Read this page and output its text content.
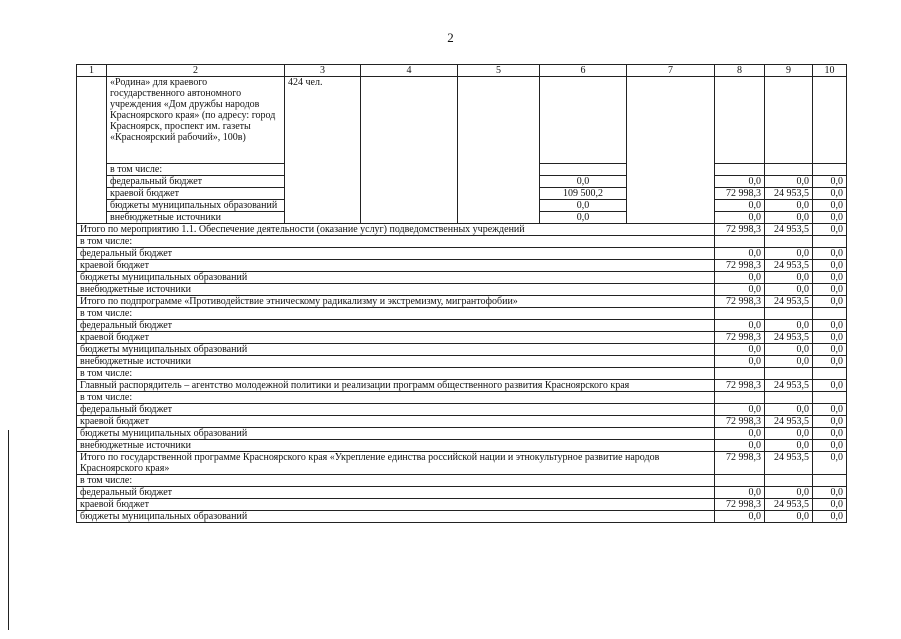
2
1	2	3	4	5	6	7	8	9	10
	«Родина» для краевого государственного автономного учреждения «Дом дружбы народов Красноярского края» (по адресу: город Красноярск, проспект им. газеты «Красноярский рабочий», 100в)	424 чел.							
	в том числе:								
	федеральный бюджет				0,0		0,0	0,0	0,0
	краевой бюджет				109 500,2		72 998,3	24 953,5	0,0
	бюджеты муниципальных образований				0,0		0,0	0,0	0,0
	внебюджетные источники				0,0		0,0	0,0	0,0
Итого по мероприятию 1.1. Обеспечение деятельности (оказание услуг) подведомственных учреждений							72 998,3	24 953,5	0,0
в том числе:									
федеральный бюджет							0,0	0,0	0,0
краевой бюджет							72 998,3	24 953,5	0,0
бюджеты муниципальных образований							0,0	0,0	0,0
внебюджетные источники							0,0	0,0	0,0
Итого по подпрограмме «Противодействие этническому радикализму и экстремизму, мигрантофобии»							72 998,3	24 953,5	0,0
в том числе:									
федеральный бюджет							0,0	0,0	0,0
краевой бюджет							72 998,3	24 953,5	0,0
бюджеты муниципальных образований							0,0	0,0	0,0
внебюджетные источники							0,0	0,0	0,0
в том числе:									
Главный распорядитель – агентство молодежной политики и реализации программ общественного развития Красноярского края							72 998,3	24 953,5	0,0
в том числе:									
федеральный бюджет							0,0	0,0	0,0
краевой бюджет							72 998,3	24 953,5	0,0
бюджеты муниципальных образований							0,0	0,0	0,0
внебюджетные источники							0,0	0,0	0,0
Итого по государственной программе Красноярского края «Укрепление единства российской нации и этнокультурное развитие народов Красноярского края»							72 998,3	24 953,5	0,0
в том числе:									
федеральный бюджет							0,0	0,0	0,0
краевой бюджет							72 998,3	24 953,5	0,0
бюджеты муниципальных образований							0,0	0,0	0,0
